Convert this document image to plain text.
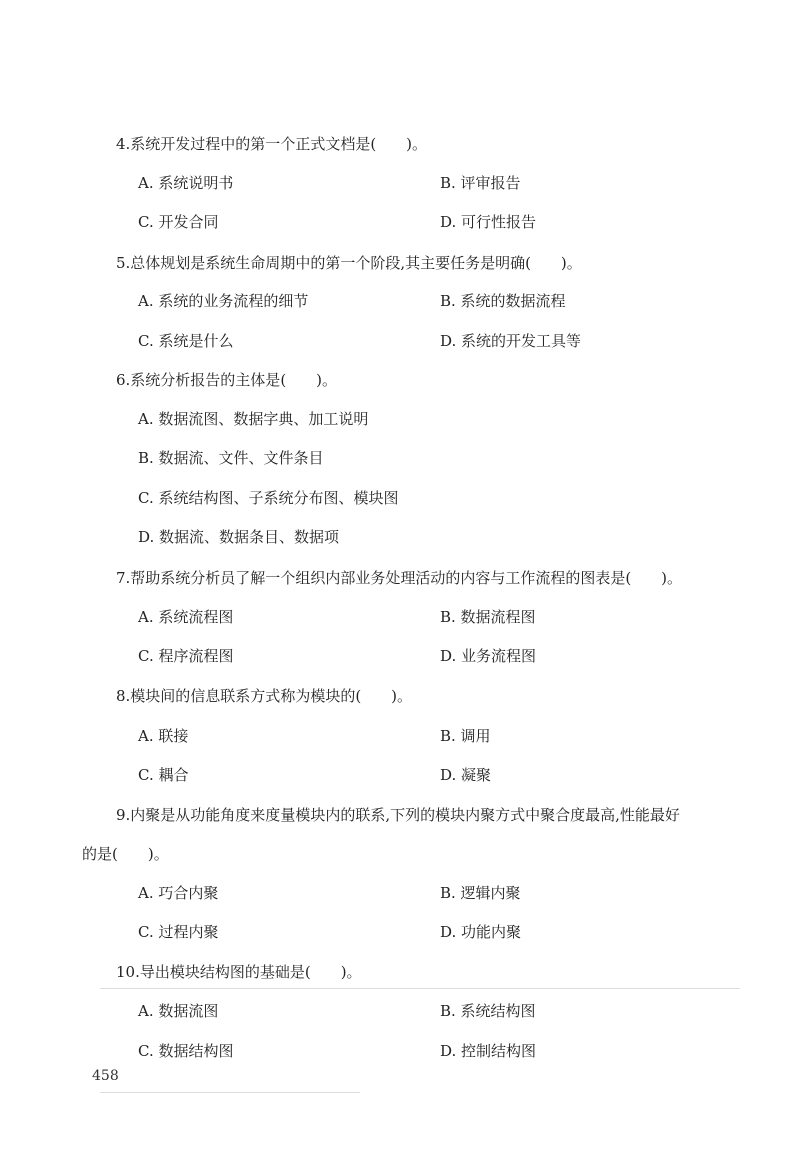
4.系统开发过程中的第一个正式文档是(　　)。
A. 系统说明书	B. 评审报告
C. 开发合同	D. 可行性报告
5.总体规划是系统生命周期中的第一个阶段,其主要任务是明确(　　)。
A. 系统的业务流程的细节	B. 系统的数据流程
C. 系统是什么	D. 系统的开发工具等
6.系统分析报告的主体是(　　)。
A. 数据流图、数据字典、加工说明
B. 数据流、文件、文件条目
C. 系统结构图、子系统分布图、模块图
D. 数据流、数据条目、数据项
7.帮助系统分析员了解一个组织内部业务处理活动的内容与工作流程的图表是(　　)。
A. 系统流程图	B. 数据流程图
C. 程序流程图	D. 业务流程图
8.模块间的信息联系方式称为模块的(　　)。
A. 联接	B. 调用
C. 耦合	D. 凝聚
9.内聚是从功能角度来度量模块内的联系,下列的模块内聚方式中聚合度最高,性能最好
的是(　　)。
A. 巧合内聚	B. 逻辑内聚
C. 过程内聚	D. 功能内聚
10.导出模块结构图的基础是(　　)。
A. 数据流图	B. 系统结构图
C. 数据结构图	D. 控制结构图
458
